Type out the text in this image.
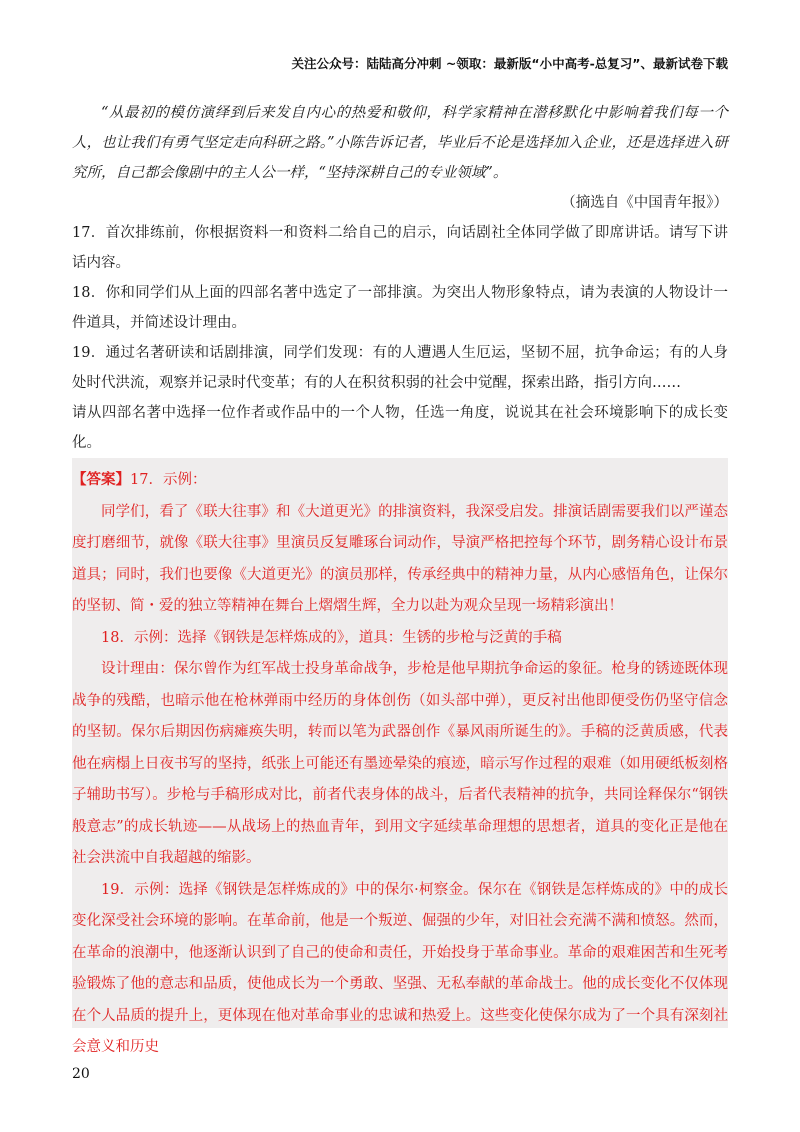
关注公众号：陆陆高分冲刺 ~领取：最新版“小中高考-总复习”、最新试卷下载

“从最初的模仿演绎到后来发自内心的热爱和敬仰，科学家精神在潜移默化中影响着我们每一个人，也让我们有勇气坚定走向科研之路。”小陈告诉记者，毕业后不论是选择加入企业，还是选择进入研究所，自己都会像剧中的主人公一样，“坚持深耕自己的专业领域”。

（摘选自《中国青年报》）

17．首次排练前，你根据资料一和资料二给自己的启示，向话剧社全体同学做了即席讲话。请写下讲话内容。

18．你和同学们从上面的四部名著中选定了一部排演。为突出人物形象特点，请为表演的人物设计一件道具，并简述设计理由。

19．通过名著研读和话剧排演，同学们发现：有的人遭遇人生厄运，坚韧不屈，抗争命运；有的人身处时代洪流，观察并记录时代变革；有的人在积贫积弱的社会中觉醒，探索出路，指引方向……

请从四部名著中选择一位作者或作品中的一个人物，任选一角度，说说其在社会环境影响下的成长变化。

【答案】17．示例：

同学们，看了《联大往事》和《大道更光》的排演资料，我深受启发。排演话剧需要我们以严谨态度打磨细节，就像《联大往事》里演员反复雕琢台词动作，导演严格把控每个环节，剧务精心设计布景道具；同时，我们也要像《大道更光》的演员那样，传承经典中的精神力量，从内心感悟角色，让保尔的坚韧、简・爱的独立等精神在舞台上熠熠生辉，全力以赴为观众呈现一场精彩演出！

18．示例：选择《钢铁是怎样炼成的》，道具：生锈的步枪与泛黄的手稿

设计理由：保尔曾作为红军战士投身革命战争，步枪是他早期抗争命运的象征。枪身的锈迹既体现战争的残酷，也暗示他在枪林弹雨中经历的身体创伤（如头部中弹），更反衬出他即便受伤仍坚守信念的坚韧。保尔后期因伤病瘫痪失明，转而以笔为武器创作《暴风雨所诞生的》。手稿的泛黄质感，代表他在病榻上日夜书写的坚持，纸张上可能还有墨迹晕染的痕迹，暗示写作过程的艰难（如用硬纸板刻格子辅助书写）。步枪与手稿形成对比，前者代表身体的战斗，后者代表精神的抗争，共同诠释保尔“钢铁般意志”的成长轨迹——从战场上的热血青年，到用文字延续革命理想的思想者，道具的变化正是他在社会洪流中自我超越的缩影。

19．示例：选择《钢铁是怎样炼成的》中的保尔·柯察金。保尔在《钢铁是怎样炼成的》中的成长变化深受社会环境的影响。在革命前，他是一个叛逆、倔强的少年，对旧社会充满不满和愤怒。然而，在革命的浪潮中，他逐渐认识到了自己的使命和责任，开始投身于革命事业。革命的艰难困苦和生死考验锻炼了他的意志和品质，使他成长为一个勇敢、坚强、无私奉献的革命战士。他的成长变化不仅体现在个人品质的提升上，更体现在他对革命事业的忠诚和热爱上。这些变化使保尔成为了一个具有深刻社会意义和历史

20
